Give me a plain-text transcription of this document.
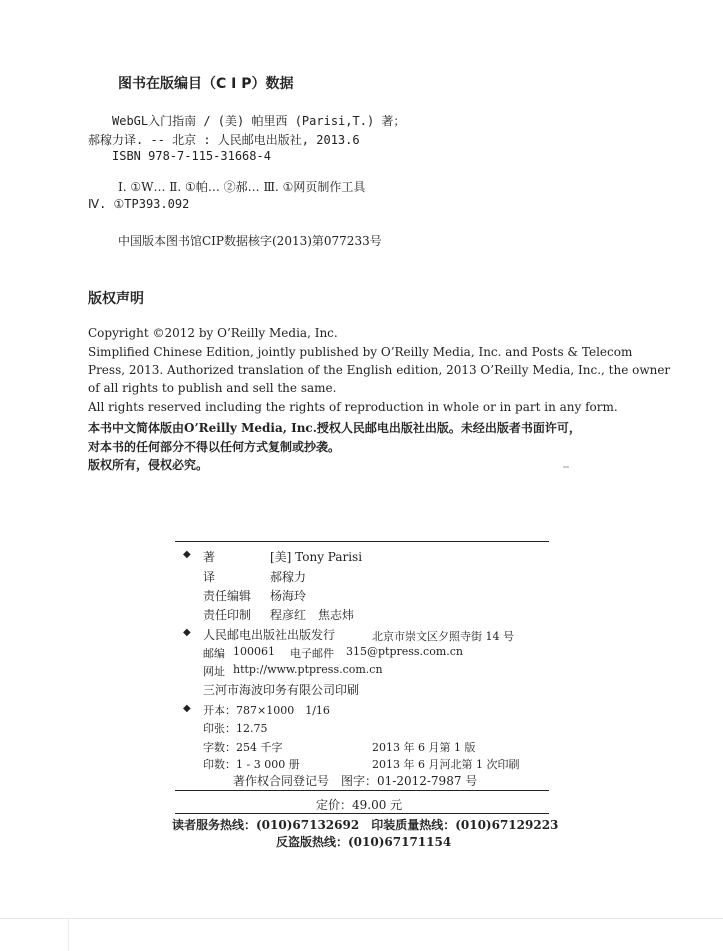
图书在版编目（C I P）数据
WebGL入门指南 / (美) 帕里西 (Parisi,T.) 著；
郝稼力译. -- 北京 : 人民邮电出版社, 2013.6
ISBN 978-7-115-31668-4
Ⅰ. ①W… Ⅱ. ①帕… ②郝… Ⅲ. ①网页制作工具
Ⅳ. ①TP393.092
中国版本图书馆CIP数据核字(2013)第077233号
版权声明
Copyright ©2012 by O’Reilly Media, Inc.
Simplified Chinese Edition, jointly published by O’Reilly Media, Inc. and Posts & Telecom
Press, 2013. Authorized translation of the English edition, 2013 O’Reilly Media, Inc., the owner
of all rights to publish and sell the same.
All rights reserved including the rights of reproduction in whole or in part in any form.
本书中文简体版由O’Reilly Media, Inc.授权人民邮电出版社出版。未经出版者书面许可，
对本书的任何部分不得以任何方式复制或抄袭。
版权所有，侵权必究。
◆ 著	[美] Tony Parisi
译	郝稼力
责任编辑 杨海玲
责任印制 程彦红　焦志炜
◆ 人民邮电出版社出版发行	北京市崇文区夕照寺街 14 号
邮编 100061 电子邮件 315@ptpress.com.cn
网址 http://www.ptpress.com.cn
三河市海波印务有限公司印刷
◆ 开本：787×1000　1/16
印张：12.75
字数：254 千字	2013 年 6 月第 1 版
印数：1 - 3 000 册	2013 年 6 月河北第 1 次印刷
著作权合同登记号　图字：01-2012-7987 号
定价：49.00 元
读者服务热线：(010)67132692　印装质量热线：(010)67129223
反盗版热线：(010)67171154
